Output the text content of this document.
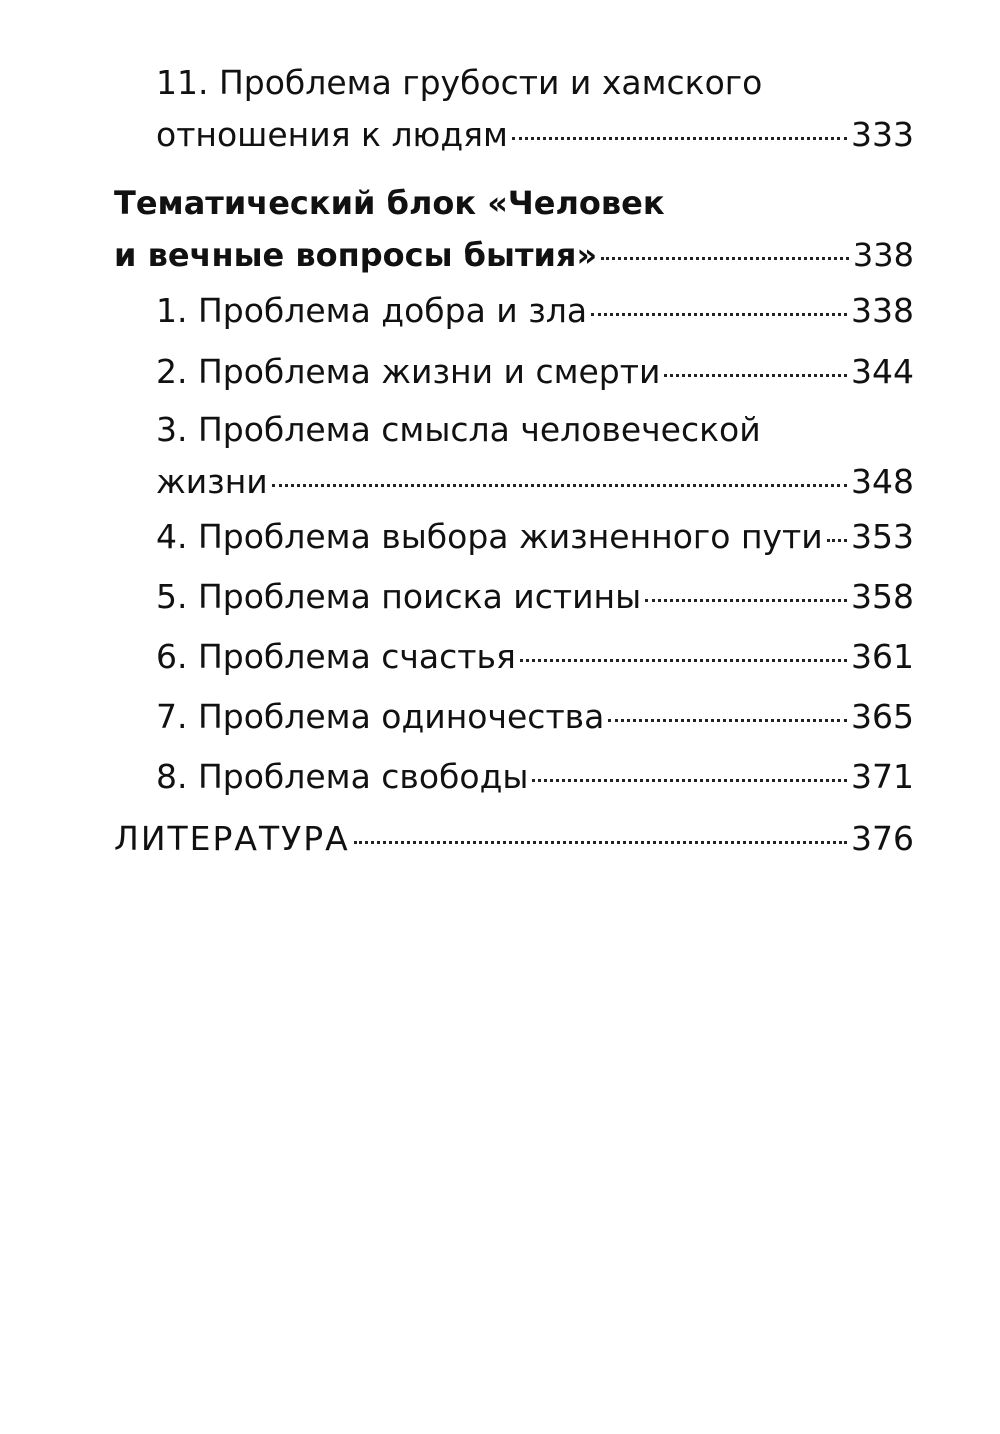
11. Проблема грубости и хамского
отношения к людям	333
Тематический блок «Человек
и вечные вопросы бытия»	338
1. Проблема добра и зла	338
2. Проблема жизни и смерти	344
3. Проблема смысла человеческой
жизни	348
4. Проблема выбора жизненного пути 353
5. Проблема поиска истины	358
6. Проблема счастья	361
7. Проблема одиночества	365
8. Проблема свободы	371
ЛИТЕРАТУРА	376
